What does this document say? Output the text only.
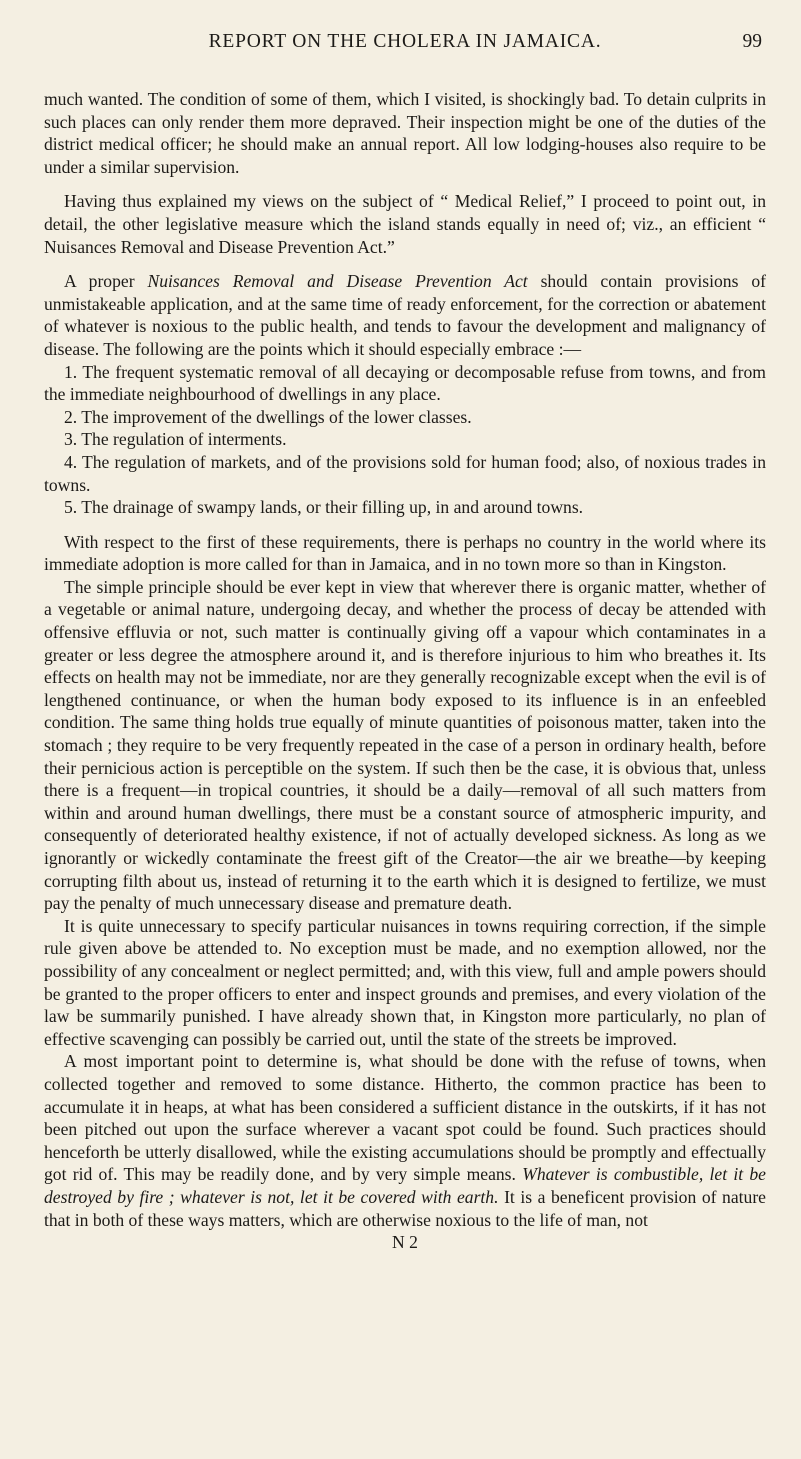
REPORT ON THE CHOLERA IN JAMAICA.	99

much wanted. The condition of some of them, which I visited, is shockingly bad. To detain culprits in such places can only render them more depraved. Their inspection might be one of the duties of the district medical officer; he should make an annual report. All low lodging-houses also require to be under a similar supervision.

Having thus explained my views on the subject of “ Medical Relief,” I proceed to point out, in detail, the other legislative measure which the island stands equally in need of; viz., an efficient “ Nuisances Removal and Disease Prevention Act.”

A proper Nuisances Removal and Disease Prevention Act should contain provisions of unmistakeable application, and at the same time of ready enforcement, for the correction or abatement of whatever is noxious to the public health, and tends to favour the development and malignancy of disease. The following are the points which it should especially embrace :—

1. The frequent systematic removal of all decaying or decomposable refuse from towns, and from the immediate neighbourhood of dwellings in any place.

2. The improvement of the dwellings of the lower classes.

3. The regulation of interments.

4. The regulation of markets, and of the provisions sold for human food; also, of noxious trades in towns.

5. The drainage of swampy lands, or their filling up, in and around towns.

With respect to the first of these requirements, there is perhaps no country in the world where its immediate adoption is more called for than in Jamaica, and in no town more so than in Kingston.

The simple principle should be ever kept in view that wherever there is organic matter, whether of a vegetable or animal nature, undergoing decay, and whether the process of decay be attended with offensive effluvia or not, such matter is continually giving off a vapour which contaminates in a greater or less degree the atmosphere around it, and is therefore injurious to him who breathes it. Its effects on health may not be immediate, nor are they generally recognizable except when the evil is of lengthened continuance, or when the human body exposed to its influence is in an enfeebled condition. The same thing holds true equally of minute quantities of poisonous matter, taken into the stomach ; they require to be very frequently repeated in the case of a person in ordinary health, before their pernicious action is perceptible on the system. If such then be the case, it is obvious that, unless there is a frequent—in tropical countries, it should be a daily—removal of all such matters from within and around human dwellings, there must be a constant source of atmospheric impurity, and consequently of deteriorated healthy existence, if not of actually developed sickness. As long as we ignorantly or wickedly contaminate the freest gift of the Creator—the air we breathe—by keeping corrupting filth about us, instead of returning it to the earth which it is designed to fertilize, we must pay the penalty of much unnecessary disease and premature death.

It is quite unnecessary to specify particular nuisances in towns requiring correction, if the simple rule given above be attended to. No exception must be made, and no exemption allowed, nor the possibility of any concealment or neglect permitted; and, with this view, full and ample powers should be granted to the proper officers to enter and inspect grounds and premises, and every violation of the law be summarily punished. I have already shown that, in Kingston more particularly, no plan of effective scavenging can possibly be carried out, until the state of the streets be improved.

A most important point to determine is, what should be done with the refuse of towns, when collected together and removed to some distance. Hitherto, the common practice has been to accumulate it in heaps, at what has been considered a sufficient distance in the outskirts, if it has not been pitched out upon the surface wherever a vacant spot could be found. Such practices should henceforth be utterly disallowed, while the existing accumulations should be promptly and effectually got rid of. This may be readily done, and by very simple means. Whatever is combustible, let it be destroyed by fire ; whatever is not, let it be covered with earth. It is a beneficent provision of nature that in both of these ways matters, which are otherwise noxious to the life of man, not

N 2
